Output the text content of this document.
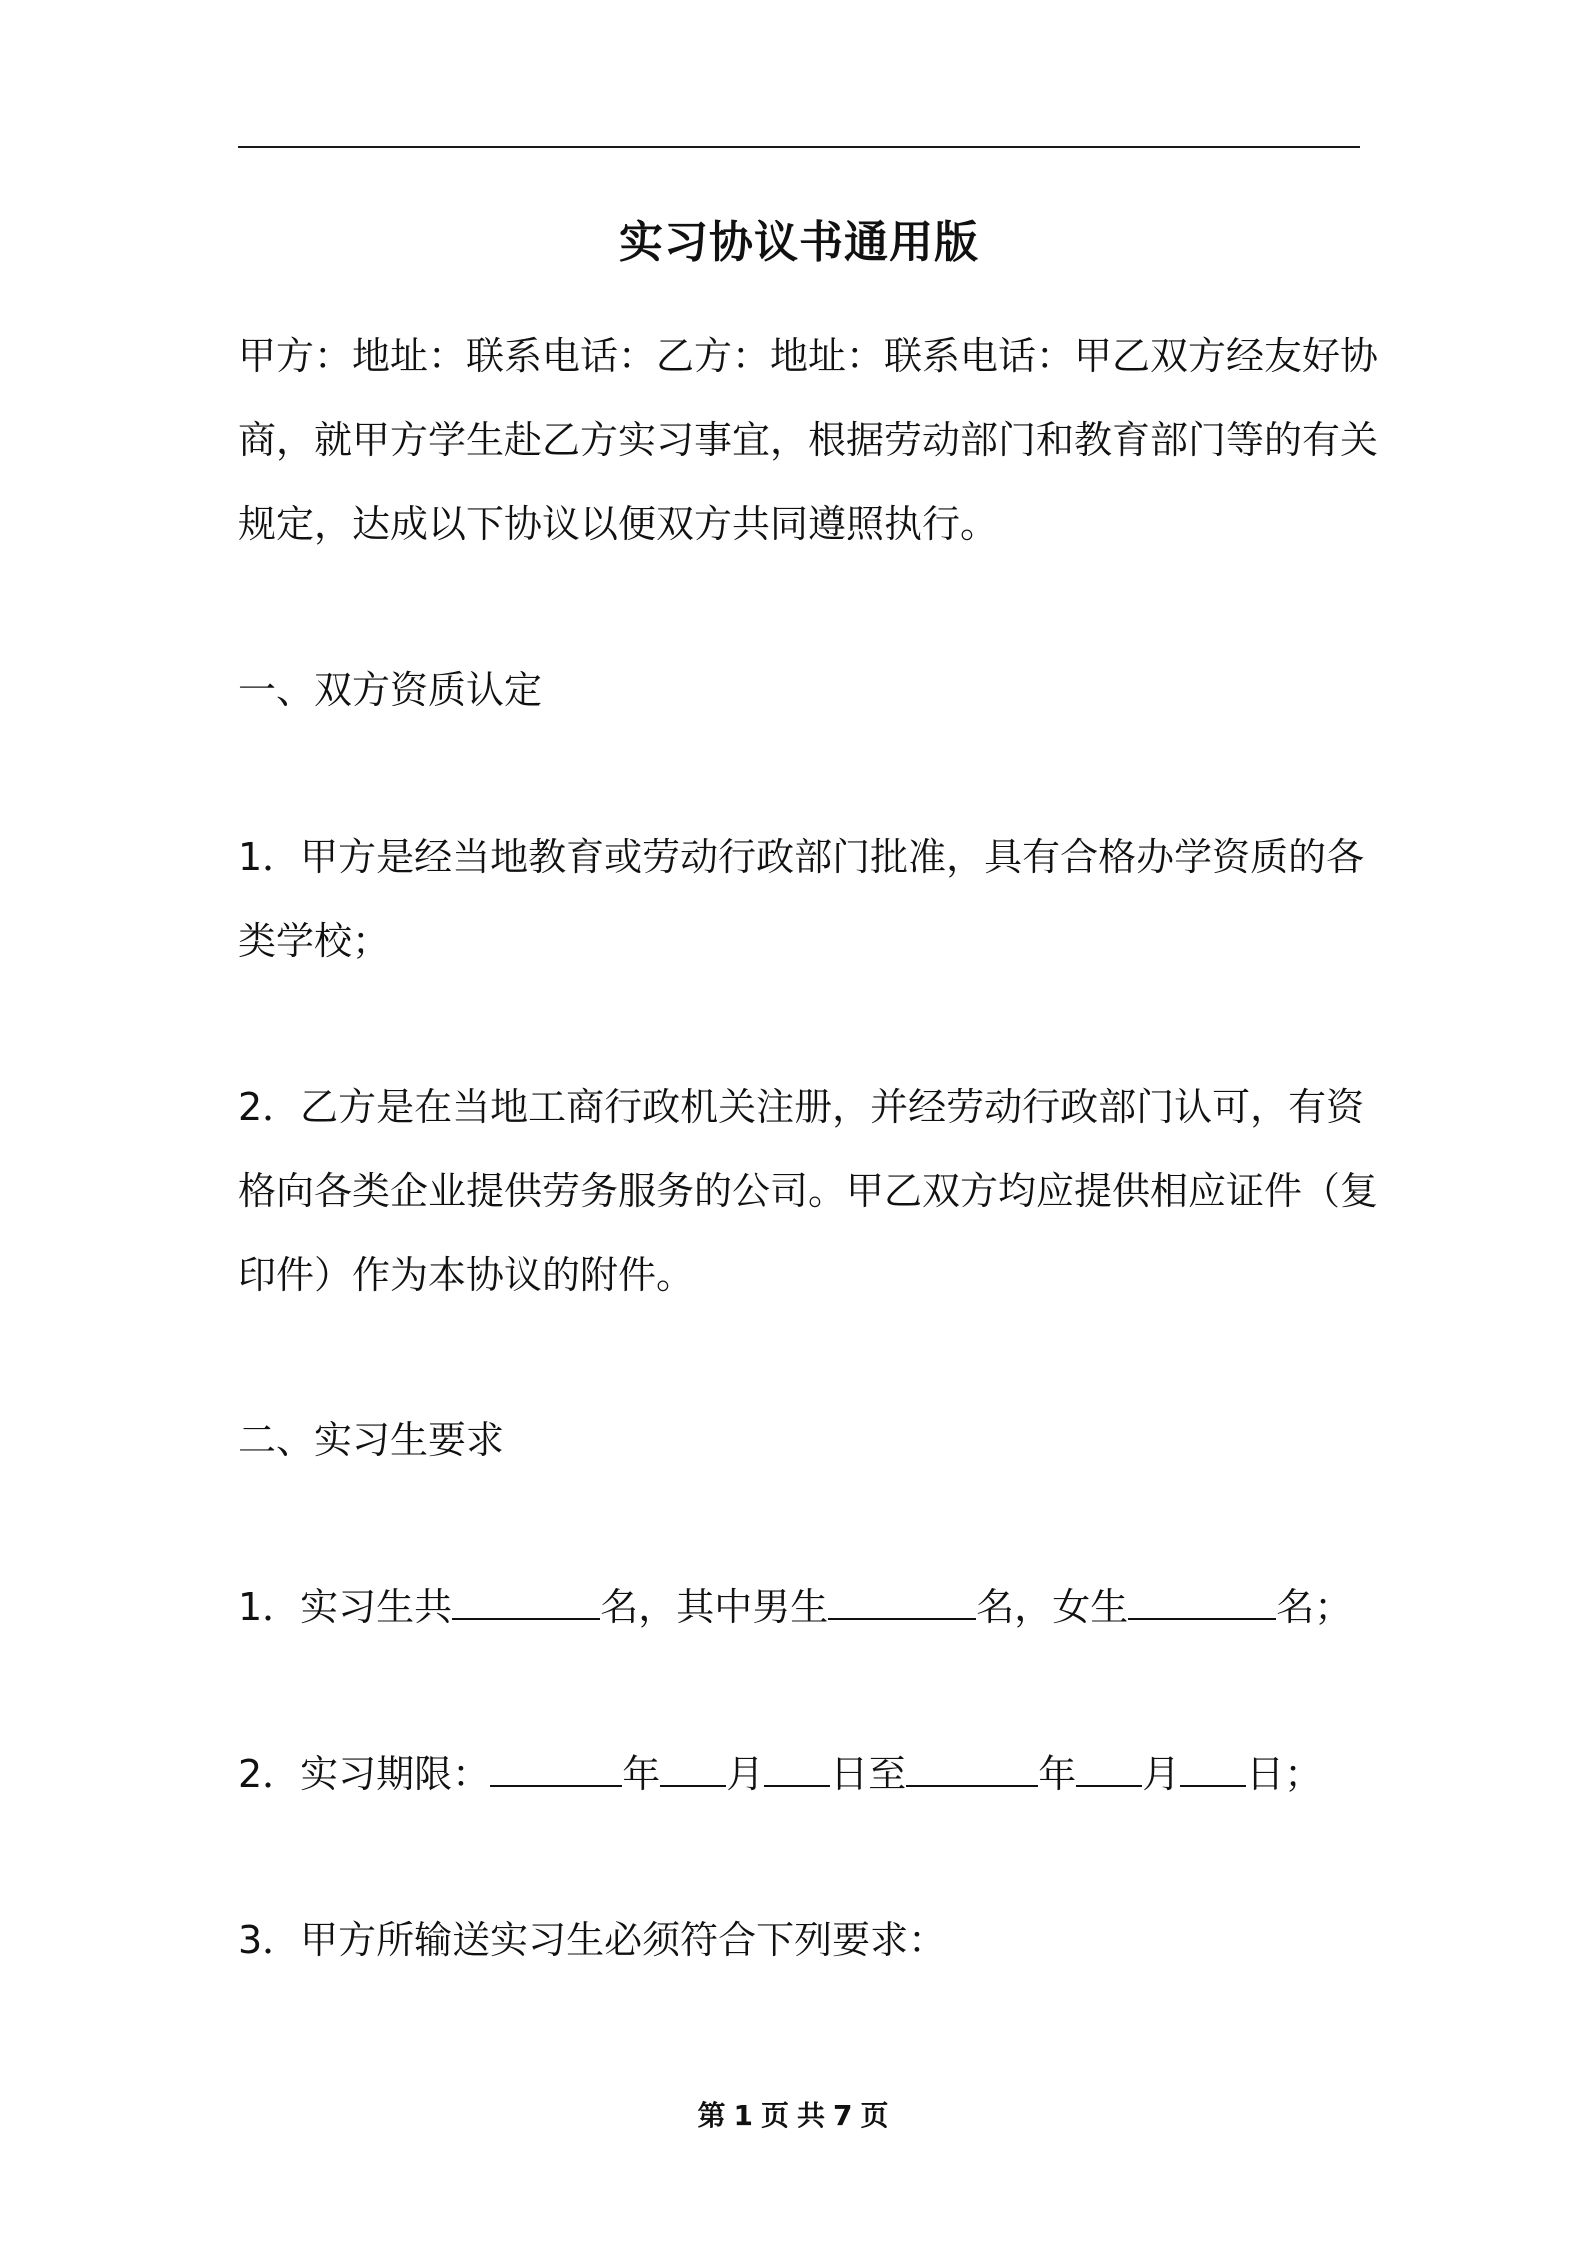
实习协议书通用版
甲方：地址：联系电话：乙方：地址：联系电话：甲乙双方经友好协
商，就甲方学生赴乙方实习事宜，根据劳动部门和教育部门等的有关
规定，达成以下协议以便双方共同遵照执行。
一、双方资质认定
1．甲方是经当地教育或劳动行政部门批准，具有合格办学资质的各
类学校；
2．乙方是在当地工商行政机关注册，并经劳动行政部门认可，有资
格向各类企业提供劳务服务的公司。甲乙双方均应提供相应证件（复
印件）作为本协议的附件。
二、实习生要求
1．实习生共	名，其中男生	名，女生	名；
2．实习期限：	年 月 日至	年 月 日；
3．甲方所输送实习生必须符合下列要求：
第 1 页 共 7 页
